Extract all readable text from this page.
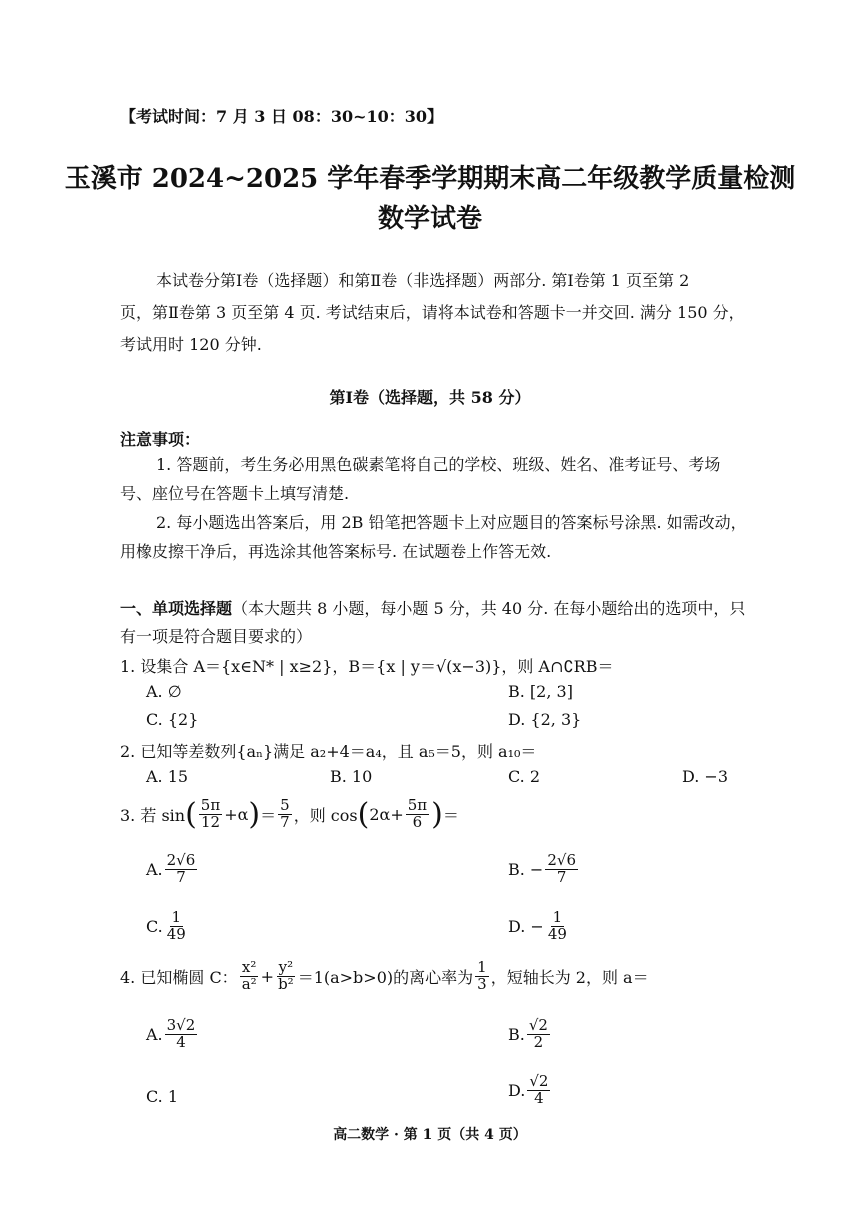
【考试时间：7 月 3 日 08：30~10：30】
玉溪市 2024~2025 学年春季学期期末高二年级教学质量检测
数学试卷
本试卷分第Ⅰ卷（选择题）和第Ⅱ卷（非选择题）两部分. 第Ⅰ卷第 1 页至第 2
页，第Ⅱ卷第 3 页至第 4 页. 考试结束后，请将本试卷和答题卡一并交回. 满分 150 分，
考试用时 120 分钟.
第Ⅰ卷（选择题，共 58 分）
注意事项：
1. 答题前，考生务必用黑色碳素笔将自己的学校、班级、姓名、准考证号、考场
号、座位号在答题卡上填写清楚.
2. 每小题选出答案后，用 2B 铅笔把答题卡上对应题目的答案标号涂黑. 如需改动，
用橡皮擦干净后，再选涂其他答案标号. 在试题卷上作答无效.
一、单项选择题（本大题共 8 小题，每小题 5 分，共 40 分. 在每小题给出的选项中，只
有一项是符合题目要求的）
1. 设集合 A＝{x∈N* | x≥2}，B＝{x | y＝√(x−3)}，则 A∩∁RB＝
A. ∅	B. [2, 3]
C. {2}	D. {2, 3}
2. 已知等差数列{aₙ}满足 a₂+4＝a₄，且 a₅＝5，则 a₁₀＝
A. 15	B. 10	C. 2	D. −3
3. 若 sin ( $\frac{5\pi}{12} +\alpha$ ) ＝ $\frac{5}{7}$ ，则 cos ( $2\alpha+ \frac{5\pi}{6}$ ) ＝
A. $\frac{2√6}{7}$	B. − $\frac{2√6}{7}$
C. $\frac{1}{49}$	D. − $\frac{1}{49}$
4. 已知椭圆 C： $\frac{\text{x²}}{\text{a²}} + \frac{\text{y²}}{\text{b²}} =1(a>b>0)$的离心率为 $\frac{1}{3}$ ，短轴长为 2，则 a＝
A. $\frac{3√2}{4}$	B. $\frac{√2}{2}$
C. 1	D. $\frac{√2}{4}$
高二数学 · 第 1 页（共 4 页）
